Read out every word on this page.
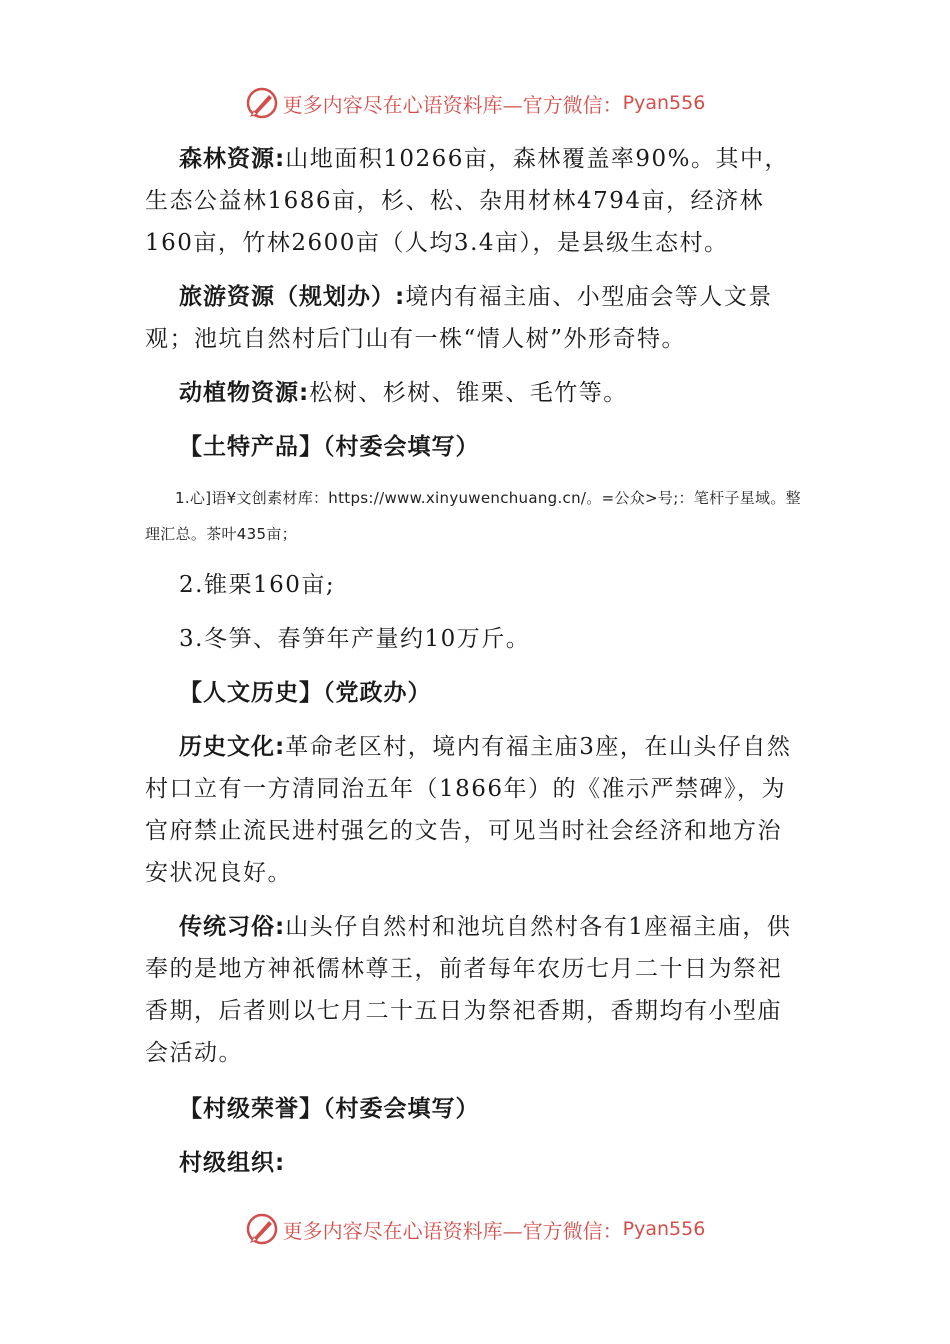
更多内容尽在心语资料库—官方微信： Pyan556

森林资源:山地面积10266亩，森林覆盖率90%。其中，生态公益林1686亩，杉、松、杂用材林4794亩，经济林160亩，竹林2600亩（人均3.4亩），是县级生态村。

旅游资源（规划办）:境内有福主庙、小型庙会等人文景观；池坑自然村后门山有一株“情人树”外形奇特。

动植物资源:松树、杉树、锥栗、毛竹等。

【土特产品】（村委会填写）

1.心]语¥文创素材库：https://www.xinyuwenchuang.cn/。=公众>号;：笔杆子星域。整理汇总。茶叶435亩；

2.锥栗160亩;

3.冬笋、春笋年产量约10万斤。

【人文历史】（党政办）

历史文化:革命老区村，境内有福主庙3座，在山头仔自然村口立有一方清同治五年（1866年）的《准示严禁碑》，为官府禁止流民进村强乞的文告，可见当时社会经济和地方治安状况良好。

传统习俗:山头仔自然村和池坑自然村各有1座福主庙，供奉的是地方神祇儒林尊王，前者每年农历七月二十日为祭祀香期，后者则以七月二十五日为祭祀香期，香期均有小型庙会活动。

【村级荣誉】（村委会填写）

村级组织:

更多内容尽在心语资料库—官方微信： Pyan556
